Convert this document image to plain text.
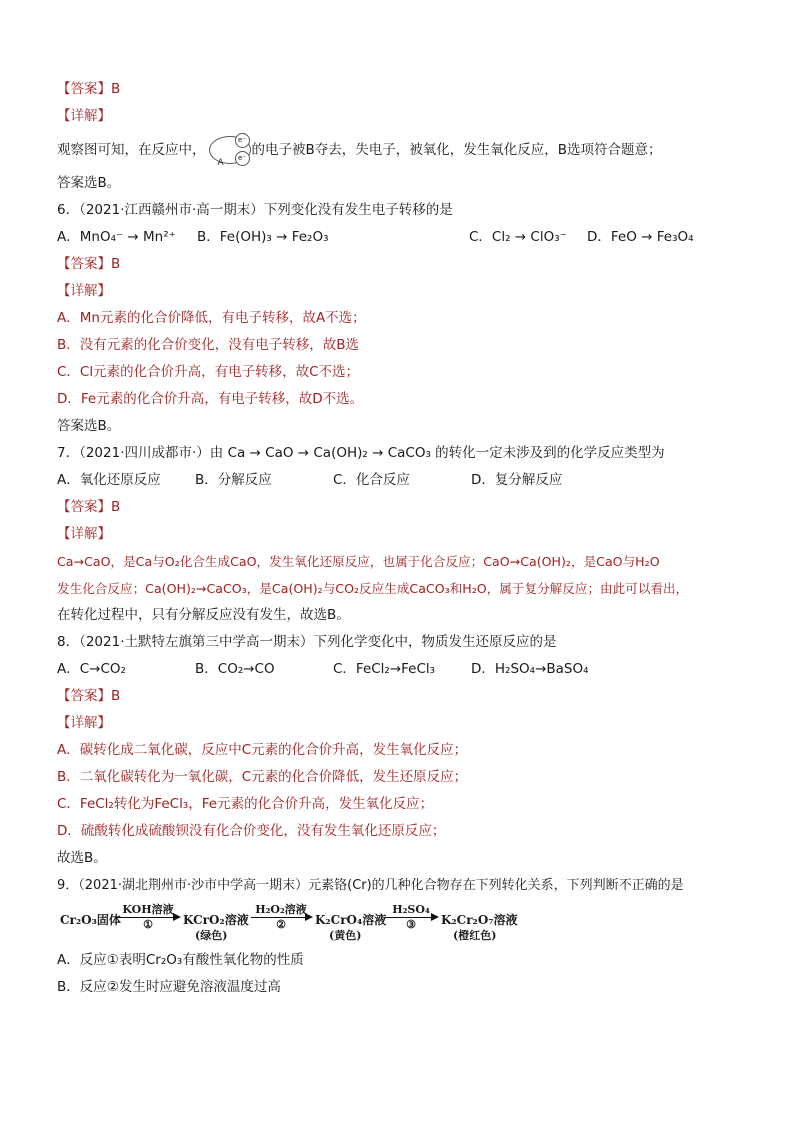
【答案】B
【详解】
观察图可知，在反应中，
A
e⁻
e⁻ 的电子被B夺去，失电子，被氧化，发生氧化反应，B选项符合题意；
答案选B。
6．（2021·江西赣州市·高一期末）下列变化没有发生电子转移的是
A．MnO₄⁻ → Mn²⁺	B．Fe(OH)₃ → Fe₂O₃	C．Cl₂ → ClO₃⁻	D．FeO → Fe₃O₄
【答案】B
【详解】
A．Mn元素的化合价降低，有电子转移，故A不选；
B．没有元素的化合价变化，没有电子转移，故B选
C．Cl元素的化合价升高，有电子转移，故C不选；
D．Fe元素的化合价升高，有电子转移，故D不选。
答案选B。
7．（2021·四川成都市·）由 Ca → CaO → Ca(OH)₂ → CaCO₃ 的转化一定未涉及到的化学反应类型为
A．氧化还原反应	B．分解反应	C．化合反应	D．复分解反应
【答案】B
【详解】
Ca→CaO，是Ca与O₂化合生成CaO，发生氧化还原反应，也属于化合反应；CaO→Ca(OH)₂，是CaO与H₂O
发生化合反应；Ca(OH)₂→CaCO₃，是Ca(OH)₂与CO₂反应生成CaCO₃和H₂O，属于复分解反应；由此可以看出，
在转化过程中，只有分解反应没有发生，故选B。
8．（2021·土默特左旗第三中学高一期末）下列化学变化中，物质发生还原反应的是
A．C→CO₂	B．CO₂→CO	C．FeCl₂→FeCl₃	D．H₂SO₄→BaSO₄
【答案】B
【详解】
A．碳转化成二氧化碳，反应中C元素的化合价升高，发生氧化反应；
B．二氧化碳转化为一氧化碳，C元素的化合价降低，发生还原反应；
C．FeCl₂转化为FeCl₃，Fe元素的化合价升高，发生氧化反应；
D．硫酸转化成硫酸钡没有化合价变化，没有发生氧化还原反应；
故选B。
9．（2021·湖北荆州市·沙市中学高一期末）元素铬(Cr)的几种化合物存在下列转化关系，下列判断不正确的是
Cr₂O₃固体
KOH溶液
①	KCrO₂溶液
(绿色)
H₂O₂溶液
②	K₂CrO₄溶液
(黄色)
H₂SO₄
③	K₂Cr₂O₇溶液
(橙红色)
A．反应①表明Cr₂O₃有酸性氧化物的性质
B．反应②发生时应避免溶液温度过高
